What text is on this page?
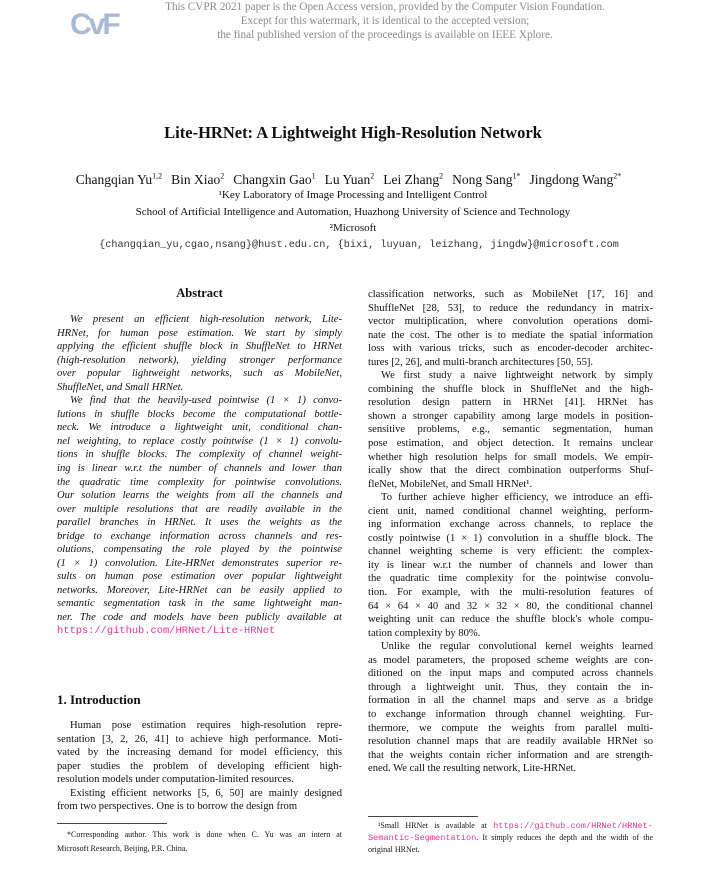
CvF
This CVPR 2021 paper is the Open Access version, provided by the Computer Vision Foundation.
Except for this watermark, it is identical to the accepted version;
the final published version of the proceedings is available on IEEE Xplore.
Lite-HRNet: A Lightweight High-Resolution Network
Changqian Yu$^{1,2}$ Bin Xiao$^2$ Changxin Gao$^1$ Lu Yuan$^2$ Lei Zhang$^2$ Nong Sang$^{1*}$ Jingdong Wang$^{2*}$
¹Key Laboratory of Image Processing and Intelligent Control
School of Artificial Intelligence and Automation, Huazhong University of Science and Technology
²Microsoft
{changqian_yu,cgao,nsang}@hust.edu.cn, {bixi, luyuan, leizhang, jingdw}@microsoft.com
Abstract
We present an efficient high-resolution network, Lite-
HRNet, for human pose estimation. We start by simply
applying the efficient shuffle block in ShuffleNet to HRNet
(high-resolution network), yielding stronger performance
over popular lightweight networks, such as MobileNet,
ShuffleNet, and Small HRNet.
We find that the heavily-used pointwise (1 × 1) convo-
lutions in shuffle blocks become the computational bottle-
neck. We introduce a lightweight unit, conditional chan-
nel weighting, to replace costly pointwise (1 × 1) convolu-
tions in shuffle blocks. The complexity of channel weight-
ing is linear w.r.t the number of channels and lower than
the quadratic time complexity for pointwise convolutions.
Our solution learns the weights from all the channels and
over multiple resolutions that are readily available in the
parallel branches in HRNet. It uses the weights as the
bridge to exchange information across channels and res-
olutions, compensating the role played by the pointwise
(1 × 1) convolution. Lite-HRNet demonstrates superior re-
sults on human pose estimation over popular lightweight
networks. Moreover, Lite-HRNet can be easily applied to
semantic segmentation task in the same lightweight man-
ner. The code and models have been publicly available at
https://github.com/HRNet/Lite-HRNet
1. Introduction
Human pose estimation requires high-resolution repre-
sentation [3, 2, 26, 41] to achieve high performance. Moti-
vated by the increasing demand for model efficiency, this
paper studies the problem of developing efficient high-
resolution models under computation-limited resources.
Existing efficient networks [5, 6, 50] are mainly designed
from two perspectives. One is to borrow the design from
*Corresponding author. This work is done when C. Yu was an intern at
Microsoft Research, Beijing, P.R. China.
classification networks, such as MobileNet [17, 16] and
ShuffleNet [28, 53], to reduce the redundancy in matrix-
vector multiplication, where convolution operations domi-
nate the cost. The other is to mediate the spatial information
loss with various tricks, such as encoder-decoder architec-
tures [2, 26], and multi-branch architectures [50, 55].
We first study a naive lightweight network by simply
combining the shuffle block in ShuffleNet and the high-
resolution design pattern in HRNet [41]. HRNet has
shown a stronger capability among large models in position-
sensitive problems, e.g., semantic segmentation, human
pose estimation, and object detection. It remains unclear
whether high resolution helps for small models. We empir-
ically show that the direct combination outperforms Shuf-
fleNet, MobileNet, and Small HRNet¹.
To further achieve higher efficiency, we introduce an effi-
cient unit, named conditional channel weighting, perform-
ing information exchange across channels, to replace the
costly pointwise (1 × 1) convolution in a shuffle block. The
channel weighting scheme is very efficient: the complex-
ity is linear w.r.t the number of channels and lower than
the quadratic time complexity for the pointwise convolu-
tion. For example, with the multi-resolution features of
64 × 64 × 40 and 32 × 32 × 80, the conditional channel
weighting unit can reduce the shuffle block's whole compu-
tation complexity by 80%.
Unlike the regular convolutional kernel weights learned
as model parameters, the proposed scheme weights are con-
ditioned on the input maps and computed across channels
through a lightweight unit. Thus, they contain the in-
formation in all the channel maps and serve as a bridge
to exchange information through channel weighting. Fur-
thermore, we compute the weights from parallel multi-
resolution channel maps that are readily available HRNet so
that the weights contain richer information and are strength-
ened. We call the resulting network, Lite-HRNet.
¹Small HRNet is available at https://github.com/HRNet/HRNet-Semantic-Segmentation. It simply reduces the depth and the width of the original HRNet.
